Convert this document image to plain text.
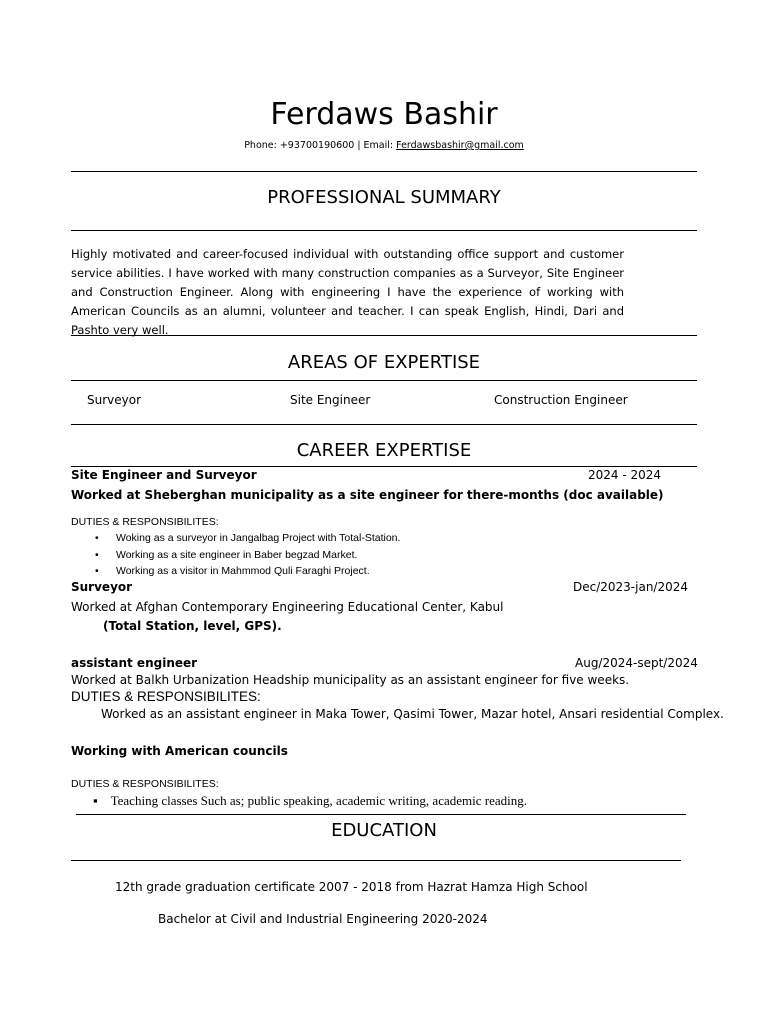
Ferdaws Bashir
Phone: +93700190600 | Email: Ferdawsbashir@gmail.com
PROFESSIONAL SUMMARY
Highly motivated and career-focused individual with outstanding office support and customer service abilities. I have worked with many construction companies as a Surveyor, Site Engineer and Construction Engineer. Along with engineering I have the experience of working with American Councils as an alumni, volunteer and teacher. I can speak English, Hindi, Dari and Pashto very well.
AREAS OF EXPERTISE
Surveyor	Site Engineer	Construction Engineer
CAREER EXPERTISE
Site Engineer and Surveyor	2024 - 2024
Worked at Sheberghan municipality as a site engineer for there-months (doc available)
DUTIES & RESPONSIBILITES:
• Woking as a surveyor in Jangalbag Project with Total-Station.
• Working as a site engineer in Baber begzad Market.
• Working as a visitor in Mahmmod Quli Faraghi Project.
Surveyor	Dec/2023-jan/2024
Worked at Afghan Contemporary Engineering Educational Center, Kabul
(Total Station, level, GPS).
assistant engineer	Aug/2024-sept/2024
Worked at Balkh Urbanization Headship municipality as an assistant engineer for five weeks.
DUTIES & RESPONSIBILITES:
Worked as an assistant engineer in Maka Tower, Qasimi Tower, Mazar hotel, Ansari residential Complex.
Working with American councils
DUTIES & RESPONSIBILITES:
▪ Teaching classes Such as; public speaking, academic writing, academic reading.
EDUCATION
12th grade graduation certificate 2007 - 2018 from Hazrat Hamza High School
Bachelor at Civil and Industrial Engineering 2020-2024
